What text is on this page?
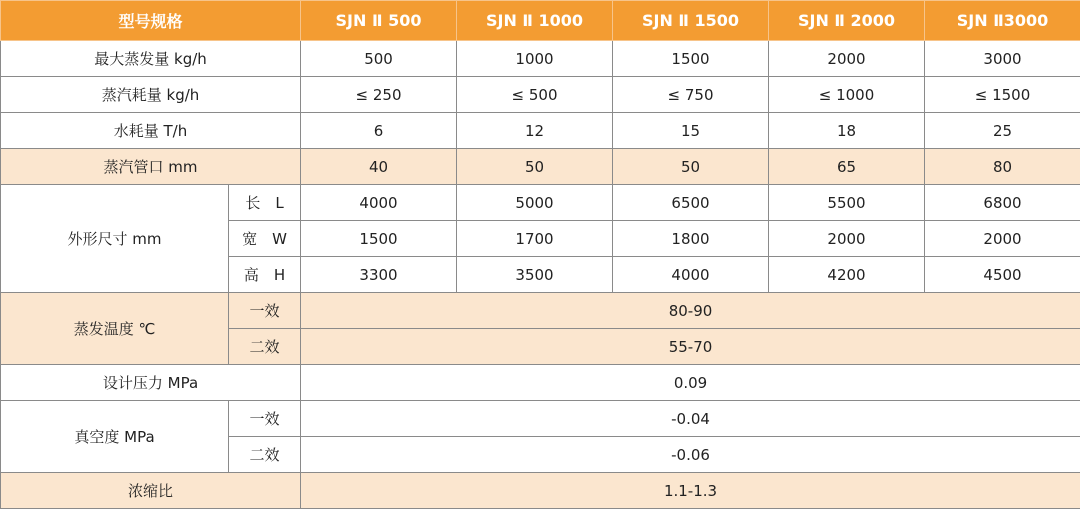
型号规格		SJN Ⅱ 500	SJN Ⅱ 1000	SJN Ⅱ 1500	SJN Ⅱ 2000	SJN Ⅱ3000
最大蒸发量 kg/h		500	1000	1500	2000	3000
蒸汽耗量 kg/h		≤ 250	≤ 500	≤ 750	≤ 1000	≤ 1500
水耗量 T/h		6	12	15	18	25
蒸汽管口 mm		40	50	50	65	80
外形尺寸 mm	长　L	4000	5000	6500	5500	6800
	宽　W	1500	1700	1800	2000	2000
	高　H	3300	3500	4000	4200	4500
蒸发温度 ℃	一效	80-90				
	二效	55-70				
设计压力 MPa		0.09				
真空度 MPa	一效	-0.04				
	二效	-0.06				
浓缩比		1.1-1.3				
